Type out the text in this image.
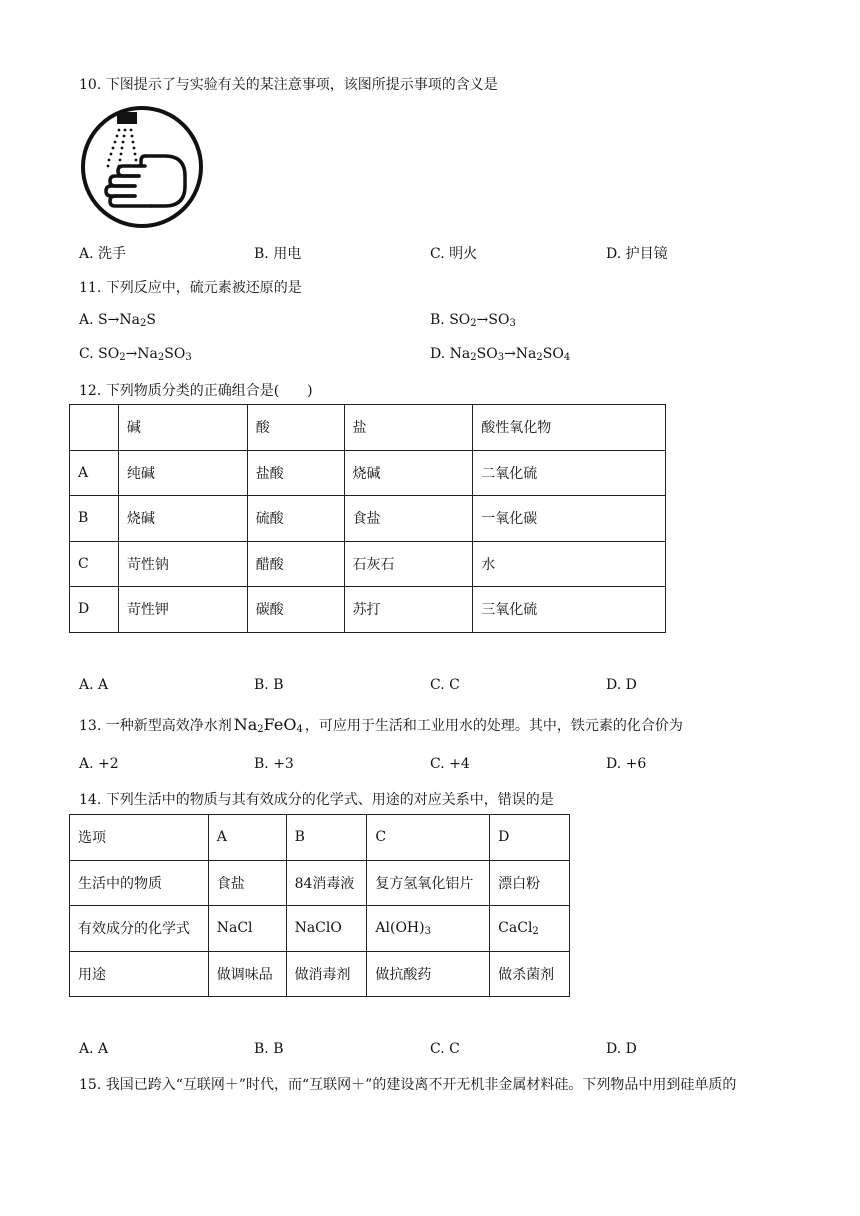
10. 下图提示了与实验有关的某注意事项，该图所提示事项的含义是
A. 洗手	B. 用电	C. 明火	D. 护目镜
11. 下列反应中，硫元素被还原的是
A. $S\to Na_2S$	B. $SO_2\to SO_3$
C. $SO_2\to Na_2SO_3$	D. $Na_2SO_3\to Na_2SO_4$
12. 下列物质分类的正确组合是(　　)
	碱	酸	盐	酸性氧化物
A	纯碱	盐酸	烧碱	二氧化硫
B	烧碱	硫酸	食盐	一氧化碳
C	苛性钠	醋酸	石灰石	水
D	苛性钾	碳酸	苏打	三氧化硫
A. A	B. B	C. C	D. D
13. 一种新型高效净水剂 $Na_2FeO_4$ ，可应用于生活和工业用水的处理。其中，铁元素的化合价为
A. +2	B. +3	C. +4	D. +6
14. 下列生活中的物质与其有效成分的化学式、用途的对应关系中，错误的是
选项	A	B	C	D
生活中的物质	食盐	84消毒液	复方氢氧化铝片	漂白粉
有效成分的化学式	NaCl	NaClO	$Al(OH)_3$	CaCl$_2$
用途	做调味品	做消毒剂	做抗酸药	做杀菌剂
A. A	B. B	C. C	D. D
15. 我国已跨入“互联网＋”时代，而“互联网＋”的建设离不开无机非金属材料硅。下列物品中用到硅单质的
